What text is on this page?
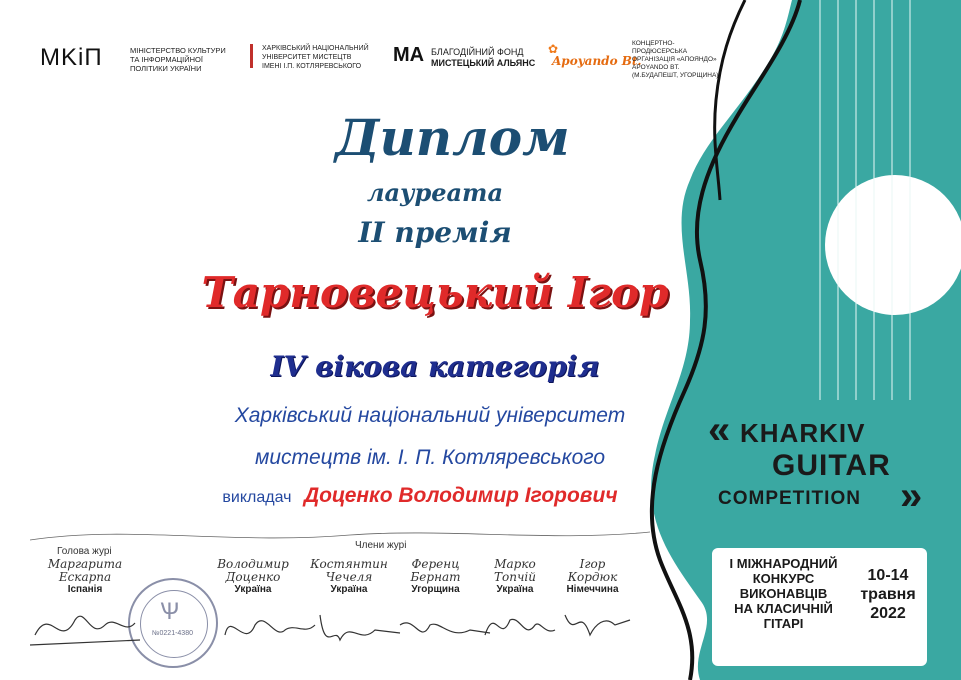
MKiП	МІНІСТЕРСТВО КУЛЬТУРИ
ТА ІНФОРМАЦІЙНОЇ
ПОЛІТИКИ УКРАЇНИ
ХАРКІВСЬКИЙ НАЦІОНАЛЬНИЙ
УНІВЕРСИТЕТ МИСТЕЦТВ
ІМЕНІ І.П. КОТЛЯРЕВСЬКОГО
MA БЛАГОДІЙНИЙ ФОНД
МИСТЕЦЬКИЙ АЛЬЯНС
✿
Apoyando Bt.
КОНЦЕРТНО-ПРОДЮСЕРСЬКА
ОРГАНІЗАЦІЯ «АПОЯНДО»
APOYANDO BT.
(М.БУДАПЕШТ, УГОРЩИНА)
Диплом
лауреата
ІІ премія
Тарновецький Ігор
IV вікова категорія
Харківський національний університет
мистецтв ім. І. П. Котляревського
викладач Доценко Володимир Ігорович
Голова журі
Члени журі
Маргарита
Ескарпа
Іспанія
Володимир
Доценко
Україна
Костянтин
Чечеля
Україна
Ференц
Бернат
Угорщина
Марко
Топчій
Україна
Ігор
Кордюк
Німеччина
Ѱ
№0221-4380
« KHARKIV
GUITAR
COMPETITION »
І МІЖНАРОДНИЙ
КОНКУРС
ВИКОНАВЦІВ
НА КЛАСИЧНІЙ
ГІТАРІ
10-14
травня
2022
